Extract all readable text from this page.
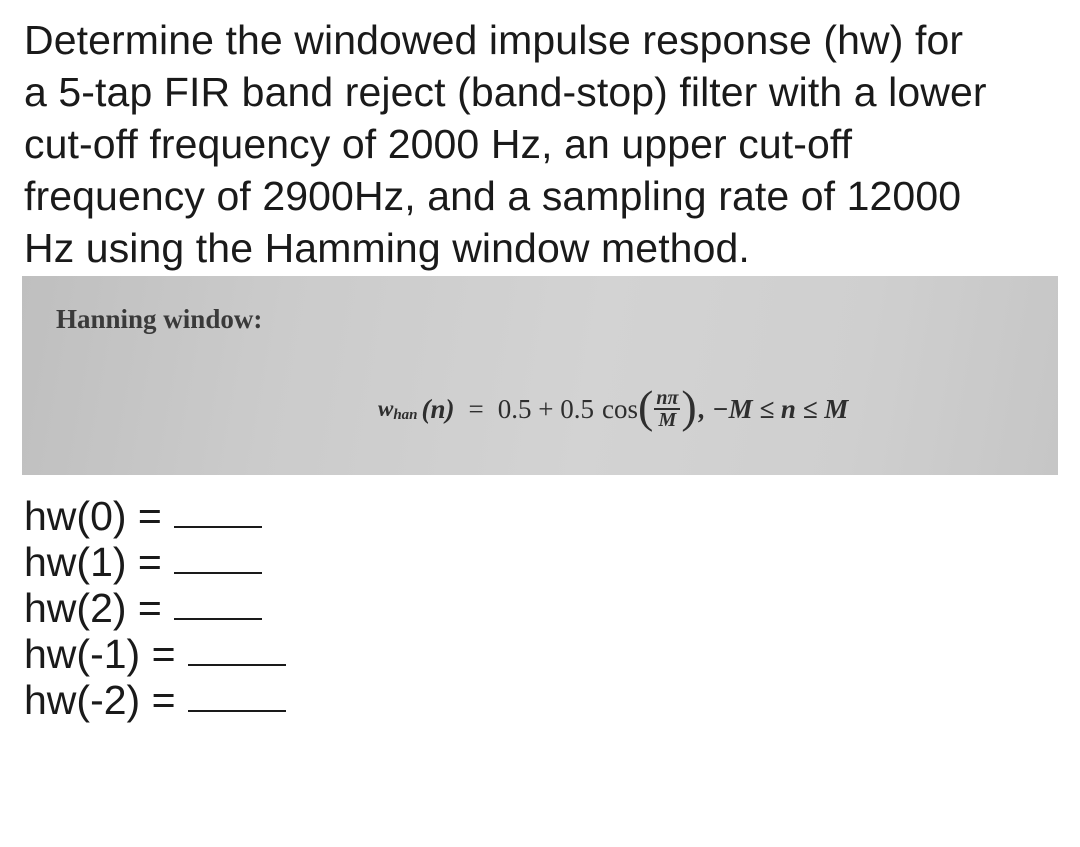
Determine the windowed impulse response (hw) for
a 5-tap FIR band reject (band-stop) filter with a lower
cut-off frequency of 2000 Hz, an upper cut-off
frequency of 2900Hz, and a sampling rate of 12000
Hz using the Hamming window method.
Hanning window:
w han (n) = 0.5 + 0.5 cos ( $\frac{n\pi}{M}$ ) , −M ≤ n ≤ M
hw(0) =
hw(1) =
hw(2) =
hw(-1) =
hw(-2) =
